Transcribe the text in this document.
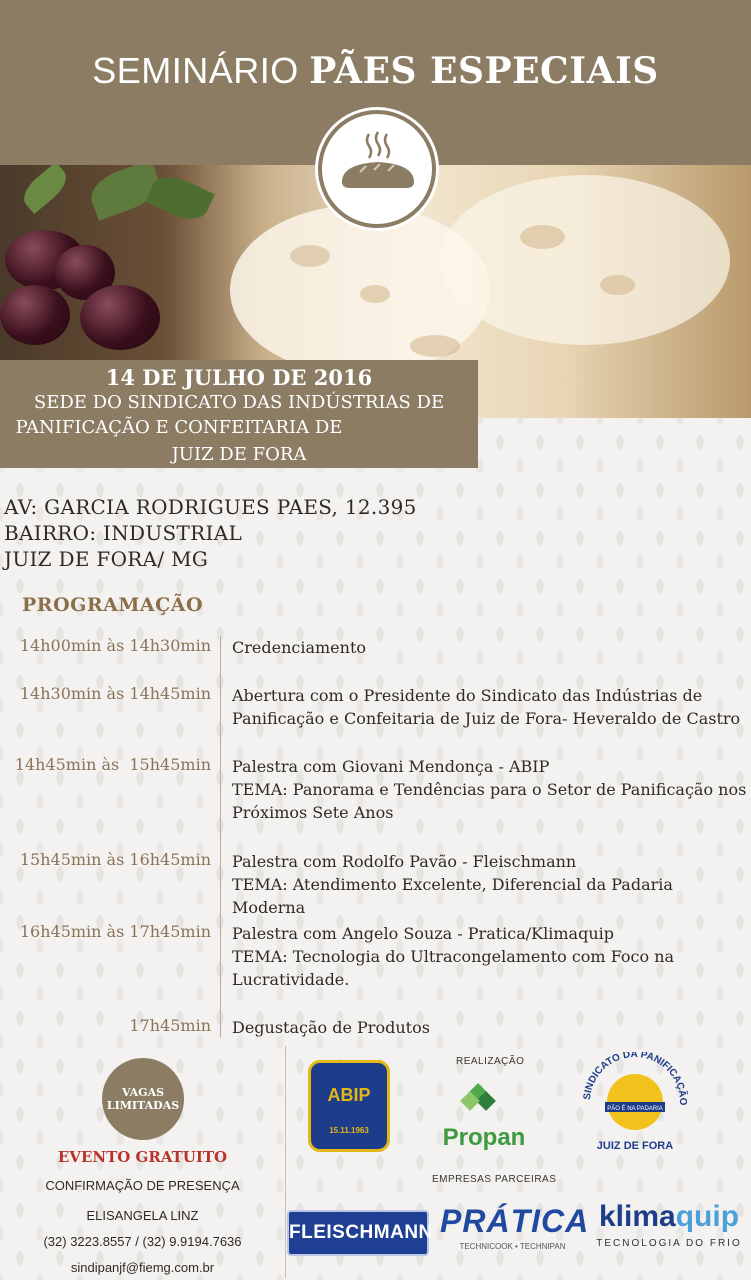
SEMINÁRIO PÃES ESPECIAIS
14 DE JULHO DE 2016
SEDE DO SINDICATO DAS INDÚSTRIAS DE
PANIFICAÇÃO E CONFEITARIA DE
JUIZ DE FORA
AV: GARCIA RODRIGUES PAES, 12.395
BAIRRO: INDUSTRIAL
JUIZ DE FORA/ MG
PROGRAMAÇÃO
14h00min às 14h30min Credenciamento
14h30min às 14h45min Abertura com o Presidente do Sindicato das Indústrias de
Panificação e Confeitaria de Juiz de Fora- Heveraldo de Castro
14h45min às  15h45min Palestra com Giovani Mendonça - ABIP
TEMA: Panorama e Tendências para o Setor de Panificação nos
Próximos Sete Anos
15h45min às 16h45min Palestra com Rodolfo Pavão - Fleischmann
TEMA: Atendimento Excelente, Diferencial da Padaria Moderna
16h45min às 17h45min Palestra com Angelo Souza - Pratica/Klimaquip
TEMA: Tecnologia do Ultracongelamento com Foco na
Lucratividade.
17h45min Degustação de Produtos
VAGAS
LIMITADAS
EVENTO GRATUITO
CONFIRMAÇÃO DE PRESENÇA
ELISANGELA LINZ
(32) 3223.8557 / (32) 9.9194.7636
sindipanjf@fiemg.com.br
ABIP
15.11.1963
REALIZAÇÃO
Propan
SINDICATO DA PANIFICAÇÃO
PÃO É NA PADARIA
JUIZ DE FORA
EMPRESAS PARCEIRAS
FLEISCHMANN PRÁTICA
TECHNICOOK • TECHNIPAN
klimaquip
TECNOLOGIA DO FRIO
